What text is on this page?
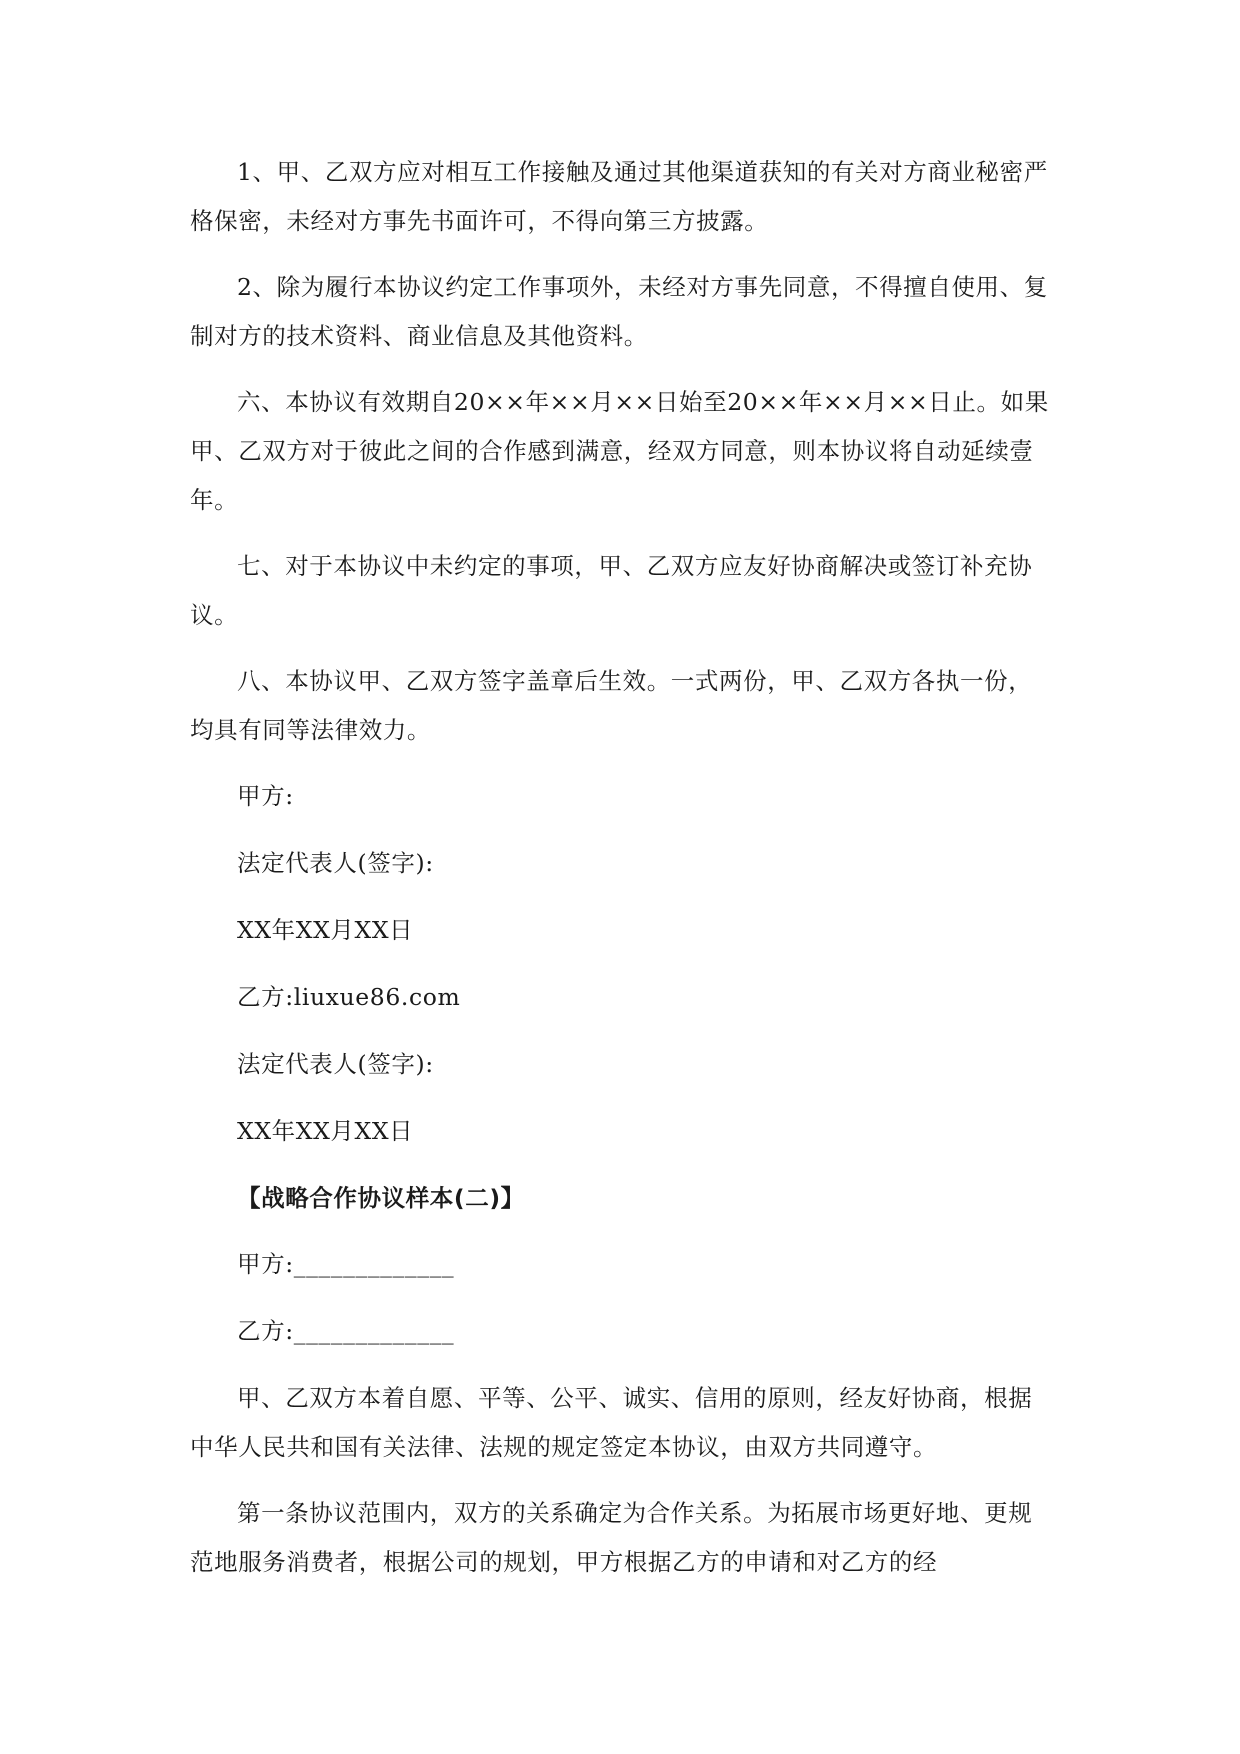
1、甲、乙双方应对相互工作接触及通过其他渠道获知的有关对方商业秘密严格保密，未经对方事先书面许可，不得向第三方披露。

2、除为履行本协议约定工作事项外，未经对方事先同意，不得擅自使用、复制对方的技术资料、商业信息及其他资料。

六、本协议有效期自20××年××月××日始至20××年××月××日止。如果甲、乙双方对于彼此之间的合作感到满意，经双方同意，则本协议将自动延续壹年。

七、对于本协议中未约定的事项，甲、乙双方应友好协商解决或签订补充协议。

八、本协议甲、乙双方签字盖章后生效。一式两份，甲、乙双方各执一份，均具有同等法律效力。

甲方:

法定代表人(签字):

XX年XX月XX日

乙方:liuxue86.com

法定代表人(签字):

XX年XX月XX日

【战略合作协议样本(二)】

甲方:_____________

乙方:_____________

甲、乙双方本着自愿、平等、公平、诚实、信用的原则，经友好协商，根据中华人民共和国有关法律、法规的规定签定本协议，由双方共同遵守。

第一条协议范围内，双方的关系确定为合作关系。为拓展市场更好地、更规范地服务消费者，根据公司的规划，甲方根据乙方的申请和对乙方的经
